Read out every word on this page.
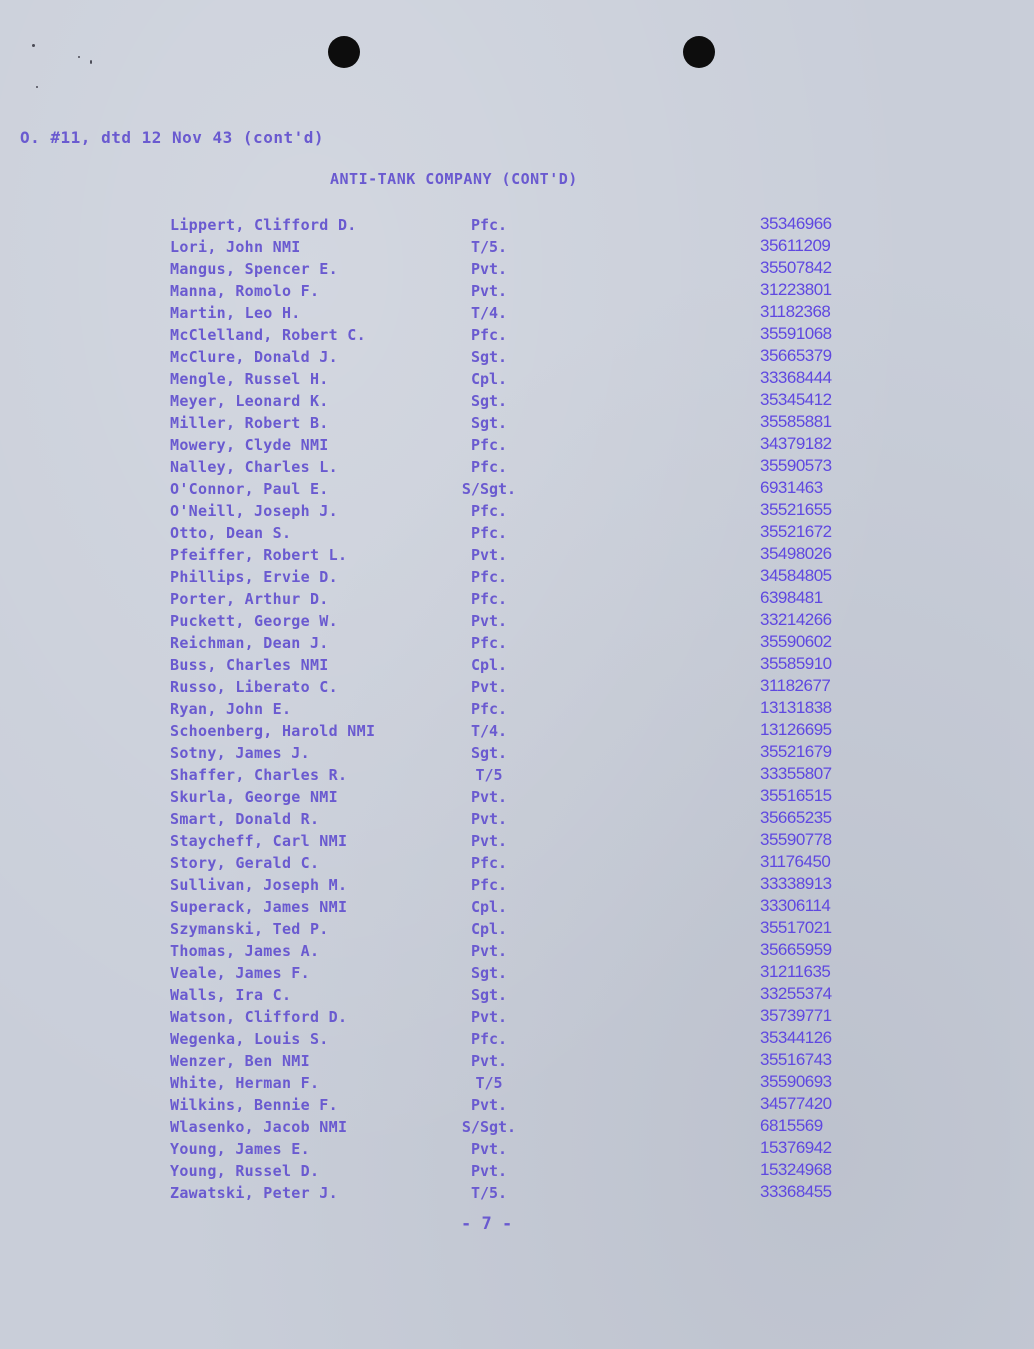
O. #11, dtd 12 Nov 43 (cont'd)
ANTI-TANK COMPANY (CONT'D)
Lippert, Clifford D.	Pfc.	35346966
Lori, John NMI	T/5.	35611209
Mangus, Spencer E.	Pvt.	35507842
Manna, Romolo F.	Pvt.	31223801
Martin, Leo H.	T/4.	31182368
McClelland, Robert C.	Pfc.	35591068
McClure, Donald J.	Sgt.	35665379
Mengle, Russel H.	Cpl.	33368444
Meyer, Leonard K.	Sgt.	35345412
Miller, Robert B.	Sgt.	35585881
Mowery, Clyde NMI	Pfc.	34379182
Nalley, Charles L.	Pfc.	35590573
O'Connor, Paul E.	S/Sgt.	6931463
O'Neill, Joseph J.	Pfc.	35521655
Otto, Dean S.	Pfc.	35521672
Pfeiffer, Robert L.	Pvt.	35498026
Phillips, Ervie D.	Pfc.	34584805
Porter, Arthur D.	Pfc.	6398481
Puckett, George W.	Pvt.	33214266
Reichman, Dean J.	Pfc.	35590602
Buss, Charles NMI	Cpl.	35585910
Russo, Liberato C.	Pvt.	31182677
Ryan, John E.	Pfc.	13131838
Schoenberg, Harold NMI	T/4.	13126695
Sotny, James J.	Sgt.	35521679
Shaffer, Charles R.	T/5	33355807
Skurla, George NMI	Pvt.	35516515
Smart, Donald R.	Pvt.	35665235
Staycheff, Carl NMI	Pvt.	35590778
Story, Gerald C.	Pfc.	31176450
Sullivan, Joseph M.	Pfc.	33338913
Superack, James NMI	Cpl.	33306114
Szymanski, Ted P.	Cpl.	35517021
Thomas, James A.	Pvt.	35665959
Veale, James F.	Sgt.	31211635
Walls, Ira C.	Sgt.	33255374
Watson, Clifford D.	Pvt.	35739771
Wegenka, Louis S.	Pfc.	35344126
Wenzer, Ben NMI	Pvt.	35516743
White, Herman F.	T/5	35590693
Wilkins, Bennie F.	Pvt.	34577420
Wlasenko, Jacob NMI	S/Sgt.	6815569
Young, James E.	Pvt.	15376942
Young, Russel D.	Pvt.	15324968
Zawatski, Peter J.	T/5.	33368455
- 7 -
